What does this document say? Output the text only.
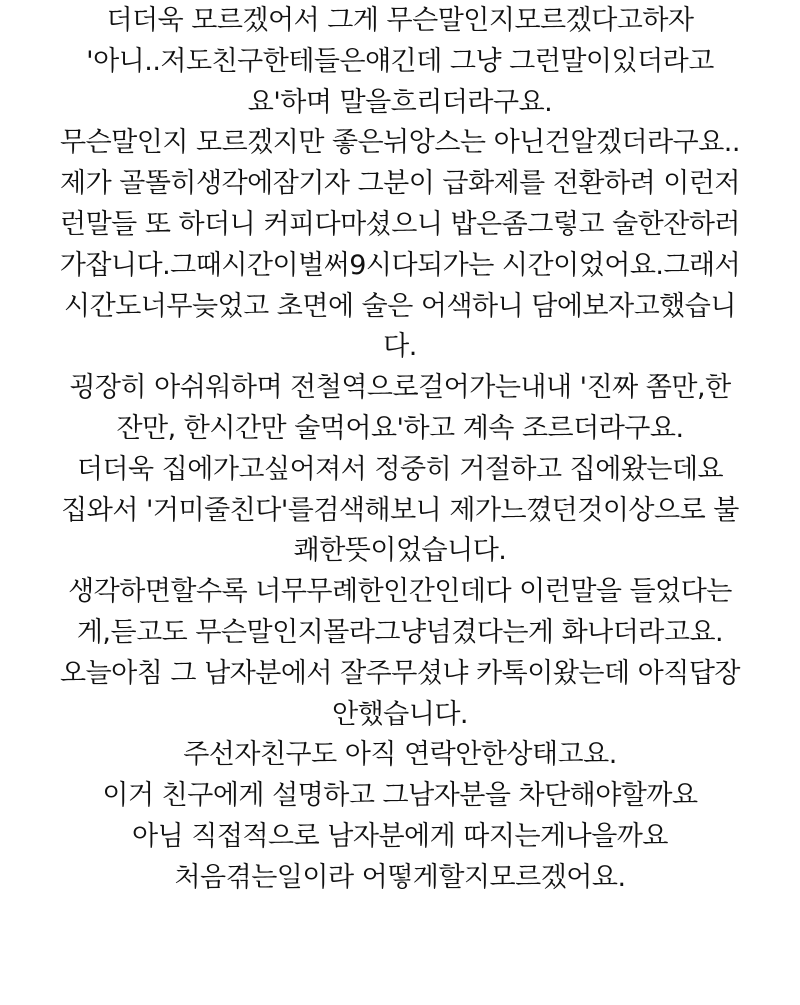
더더욱 모르겠어서 그게 무슨말인지모르겠다고하자
'아니..저도친구한테들은얘긴데 그냥 그런말이있더라고
요'하며 말을흐리더라구요.
무슨말인지 모르겠지만 좋은뉘앙스는 아닌건알겠더라구요..
제가 골똘히생각에잠기자 그분이 급화제를 전환하려 이런저
런말들 또 하더니 커피다마셨으니 밥은좀그렇고 술한잔하러
가잡니다.그때시간이벌써9시다되가는 시간이었어요.그래서
시간도너무늦었고 초면에 술은 어색하니 담에보자고했습니
다.
굉장히 아쉬워하며 전철역으로걸어가는내내 '진짜 쫌만,한
잔만, 한시간만 술먹어요'하고 계속 조르더라구요.
더더욱 집에가고싶어져서 정중히 거절하고 집에왔는데요
집와서 '거미줄친다'를검색해보니 제가느꼈던것이상으로 불
쾌한뜻이었습니다.
생각하면할수록 너무무례한인간인데다 이런말을 들었다는
게,듣고도 무슨말인지몰라그냥넘겼다는게 화나더라고요.
오늘아침 그 남자분에서 잘주무셨냐 카톡이왔는데 아직답장
안했습니다.
주선자친구도 아직 연락안한상태고요.
이거 친구에게 설명하고 그남자분을 차단해야할까요
아님 직접적으로 남자분에게 따지는게나을까요
처음겪는일이라 어떻게할지모르겠어요.
